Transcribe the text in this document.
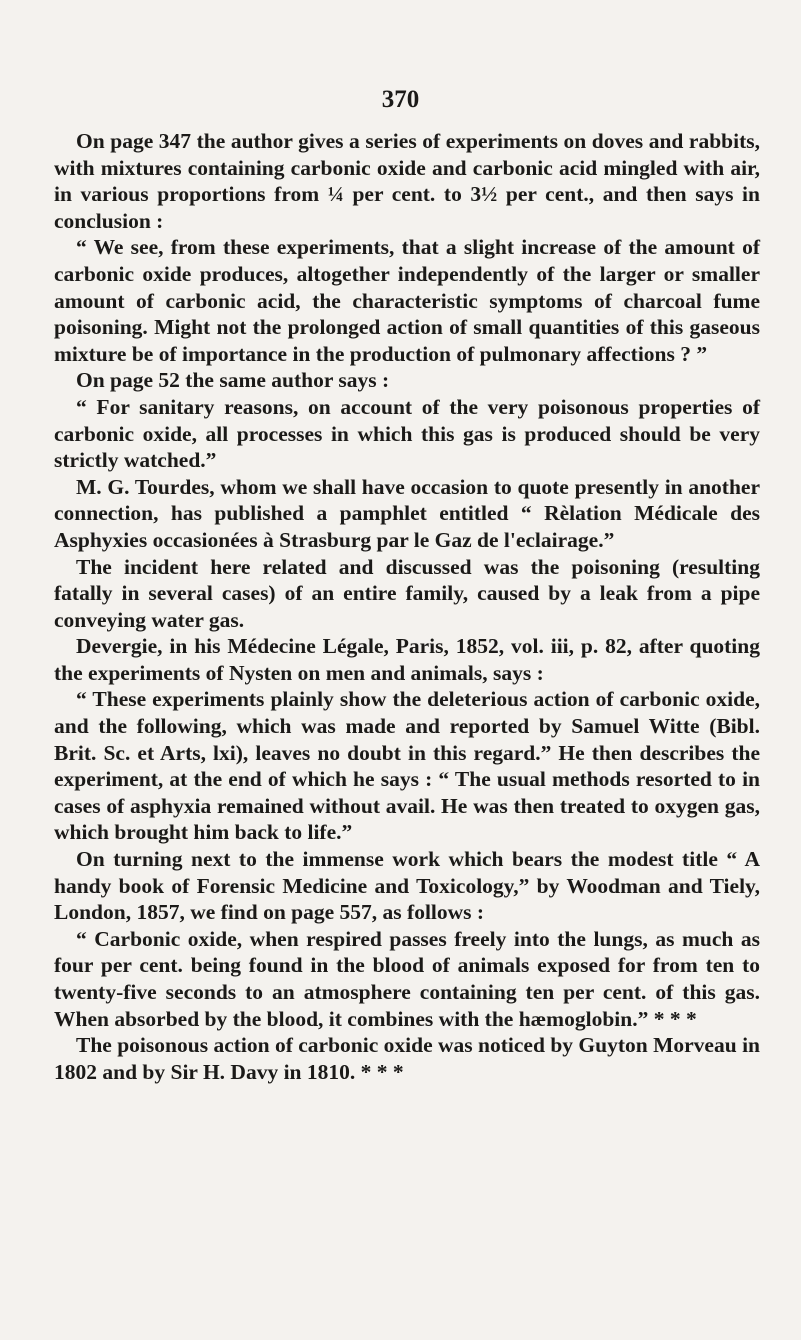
370

On page 347 the author gives a series of experiments on doves and rabbits, with mixtures containing carbonic oxide and carbonic acid mingled with air, in various proportions from ¼ per cent. to 3½ per cent., and then says in conclusion :

“ We see, from these experiments, that a slight increase of the amount of carbonic oxide produces, altogether independently of the larger or smaller amount of carbonic acid, the characteristic symptoms of charcoal fume poisoning. Might not the prolonged action of small quantities of this gaseous mixture be of importance in the production of pulmonary affections ? ”

On page 52 the same author says :

“ For sanitary reasons, on account of the very poisonous properties of carbonic oxide, all processes in which this gas is produced should be very strictly watched.”

M. G. Tourdes, whom we shall have occasion to quote presently in another connection, has published a pamphlet entitled “ Rèlation Médicale des Asphyxies occasionées à Strasburg par le Gaz de l'eclairage.”

The incident here related and discussed was the poisoning (resulting fatally in several cases) of an entire family, caused by a leak from a pipe conveying water gas.

Devergie, in his Médecine Légale, Paris, 1852, vol. iii, p. 82, after quoting the experiments of Nysten on men and animals, says :

“ These experiments plainly show the deleterious action of carbonic oxide, and the following, which was made and reported by Samuel Witte (Bibl. Brit. Sc. et Arts, lxi), leaves no doubt in this regard.” He then describes the experiment, at the end of which he says : “ The usual methods resorted to in cases of asphyxia remained without avail. He was then treated to oxygen gas, which brought him back to life.”

On turning next to the immense work which bears the modest title “ A handy book of Forensic Medicine and Toxicology,” by Woodman and Tiely, London, 1857, we find on page 557, as follows :

“ Carbonic oxide, when respired passes freely into the lungs, as much as four per cent. being found in the blood of animals exposed for from ten to twenty-five seconds to an atmosphere containing ten per cent. of this gas. When absorbed by the blood, it combines with the hæmoglobin.” * * *

The poisonous action of carbonic oxide was noticed by Guyton Morveau in 1802 and by Sir H. Davy in 1810. * * *
